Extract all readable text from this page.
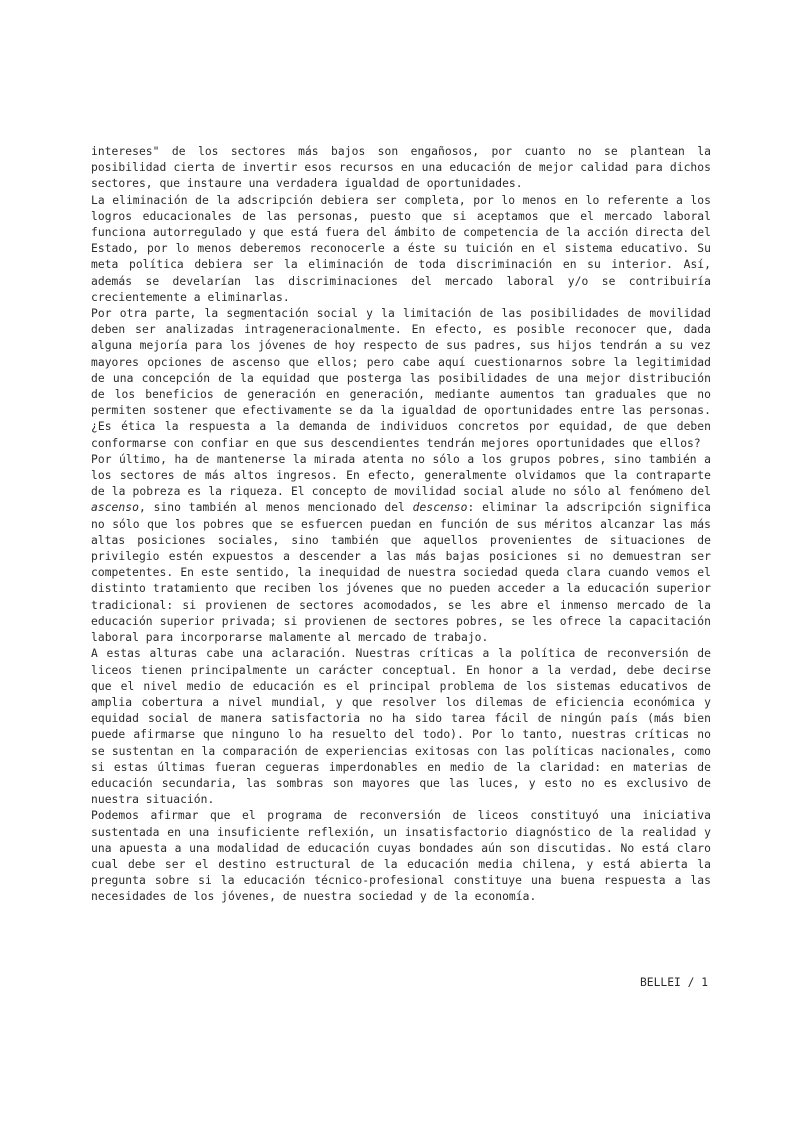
intereses" de los sectores más bajos son engañosos, por cuanto no se plantean la posibilidad cierta de invertir esos recursos en una educación de mejor calidad para dichos sectores, que instaure una verdadera igualdad de oportunidades.

La eliminación de la adscripción debiera ser completa, por lo menos en lo referente a los logros educacionales de las personas, puesto que si aceptamos que el mercado laboral funciona autorregulado y que está fuera del ámbito de competencia de la acción directa del Estado, por lo menos deberemos reconocerle a éste su tuición en el sistema educativo. Su meta política debiera ser la eliminación de toda discriminación en su interior. Así, además se develarían las discriminaciones del mercado laboral y/o se contribuiría crecientemente a eliminarlas.

Por otra parte, la segmentación social y la limitación de las posibilidades de movilidad deben ser analizadas intrageneracionalmente. En efecto, es posible reconocer que, dada alguna mejoría para los jóvenes de hoy respecto de sus padres, sus hijos tendrán a su vez mayores opciones de ascenso que ellos; pero cabe aquí cuestionarnos sobre la legitimidad de una concepción de la equidad que posterga las posibilidades de una mejor distribución de los beneficios de generación en generación, mediante aumentos tan graduales que no permiten sostener que efectivamente se da la igualdad de oportunidades entre las personas. ¿Es ética la respuesta a la demanda de individuos concretos por equidad, de que deben conformarse con confiar en que sus descendientes tendrán mejores oportunidades que ellos?

Por último, ha de mantenerse la mirada atenta no sólo a los grupos pobres, sino también a los sectores de más altos ingresos. En efecto, generalmente olvidamos que la contraparte de la pobreza es la riqueza. El concepto de movilidad social alude no sólo al fenómeno del ascenso, sino también al menos mencionado del descenso: eliminar la adscripción significa no sólo que los pobres que se esfuercen puedan en función de sus méritos alcanzar las más altas posiciones sociales, sino también que aquellos provenientes de situaciones de privilegio estén expuestos a descender a las más bajas posiciones si no demuestran ser competentes. En este sentido, la inequidad de nuestra sociedad queda clara cuando vemos el distinto tratamiento que reciben los jóvenes que no pueden acceder a la educación superior tradicional: si provienen de sectores acomodados, se les abre el inmenso mercado de la educación superior privada; si provienen de sectores pobres, se les ofrece la capacitación laboral para incorporarse malamente al mercado de trabajo.

A estas alturas cabe una aclaración. Nuestras críticas a la política de reconversión de liceos tienen principalmente un carácter conceptual. En honor a la verdad, debe decirse que el nivel medio de educación es el principal problema de los sistemas educativos de amplia cobertura a nivel mundial, y que resolver los dilemas de eficiencia económica y equidad social de manera satisfactoria no ha sido tarea fácil de ningún país (más bien puede afirmarse que ninguno lo ha resuelto del todo). Por lo tanto, nuestras críticas no se sustentan en la comparación de experiencias exitosas con las políticas nacionales, como si estas últimas fueran cegueras imperdonables en medio de la claridad: en materias de educación secundaria, las sombras son mayores que las luces, y esto no es exclusivo de nuestra situación.

Podemos afirmar que el programa de reconversión de liceos constituyó una iniciativa sustentada en una insuficiente reflexión, un insatisfactorio diagnóstico de la realidad y una apuesta a una modalidad de educación cuyas bondades aún son discutidas. No está claro cual debe ser el destino estructural de la educación media chilena, y está abierta la pregunta sobre si la educación técnico-profesional constituye una buena respuesta a las necesidades de los jóvenes, de nuestra sociedad y de la economía.

BELLEI / 1
